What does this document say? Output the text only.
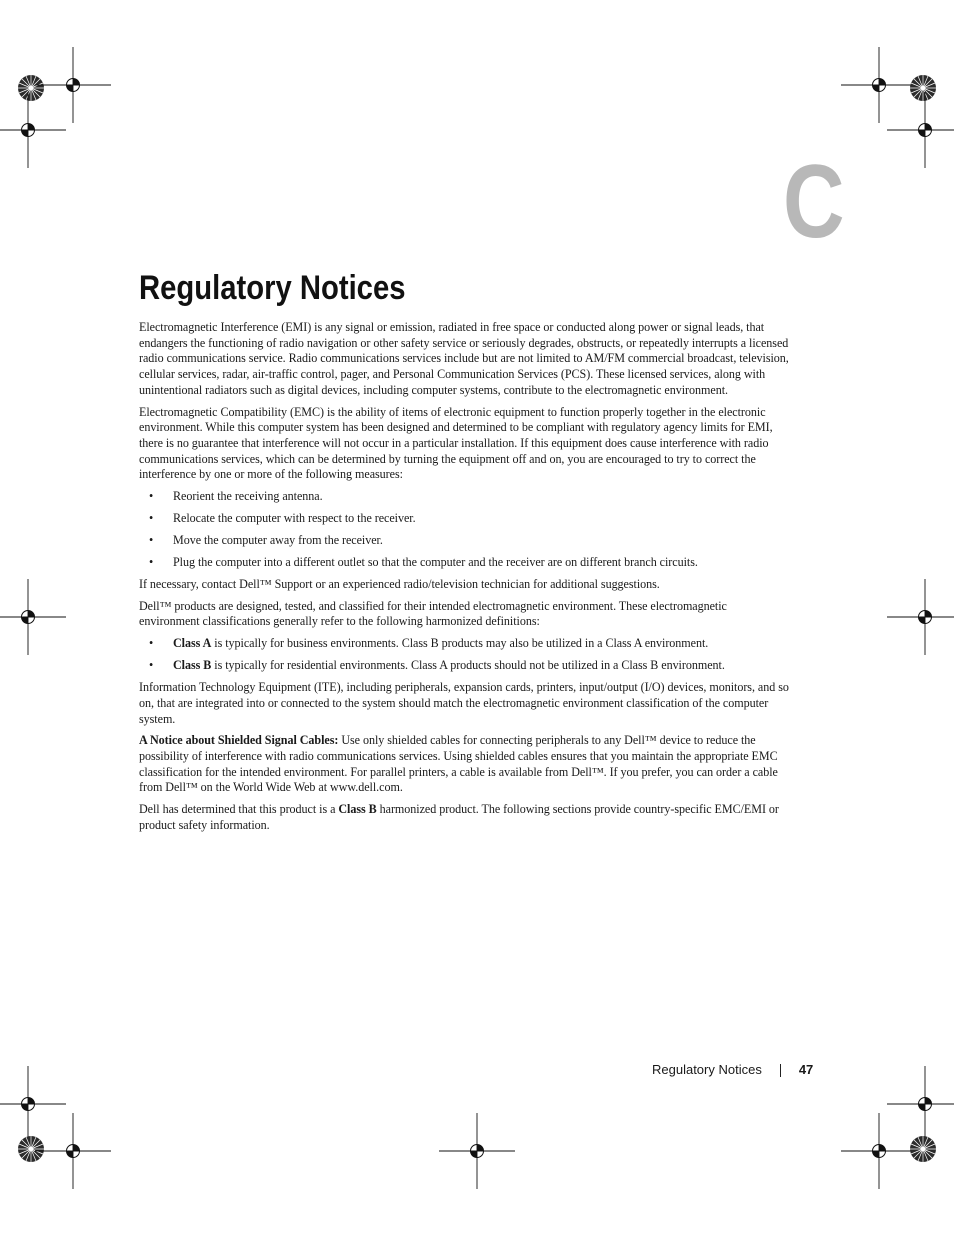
C
Regulatory Notices

Electromagnetic Interference (EMI) is any signal or emission, radiated in free space or conducted along power or signal leads, that endangers the functioning of radio navigation or other safety service or seriously degrades, obstructs, or repeatedly interrupts a licensed radio communications service. Radio communications services include but are not limited to AM/FM commercial broadcast, television, cellular services, radar, air-traffic control, pager, and Personal Communication Services (PCS). These licensed services, along with unintentional radiators such as digital devices, including computer systems, contribute to the electromagnetic environment.

Electromagnetic Compatibility (EMC) is the ability of items of electronic equipment to function properly together in the electronic environment. While this computer system has been designed and determined to be compliant with regulatory agency limits for EMI, there is no guarantee that interference will not occur in a particular installation. If this equipment does cause interference with radio communications services, which can be determined by turning the equipment off and on, you are encouraged to try to correct the interference by one or more of the following measures:

• Reorient the receiving antenna.
• Relocate the computer with respect to the receiver.
• Move the computer away from the receiver.
• Plug the computer into a different outlet so that the computer and the receiver are on different branch circuits.

If necessary, contact Dell™ Support or an experienced radio/television technician for additional suggestions.

Dell™ products are designed, tested, and classified for their intended electromagnetic environment. These electromagnetic environment classifications generally refer to the following harmonized definitions:

• Class A is typically for business environments. Class B products may also be utilized in a Class A environment.
• Class B is typically for residential environments. Class A products should not be utilized in a Class B environment.

Information Technology Equipment (ITE), including peripherals, expansion cards, printers, input/output (I/O) devices, monitors, and so on, that are integrated into or connected to the system should match the electromagnetic environment classification of the computer system.

A Notice about Shielded Signal Cables: Use only shielded cables for connecting peripherals to any Dell™ device to reduce the possibility of interference with radio communications services. Using shielded cables ensures that you maintain the appropriate EMC classification for the intended environment. For parallel printers, a cable is available from Dell™. If you prefer, you can order a cable from Dell™ on the World Wide Web at www.dell.com.

Dell has determined that this product is a Class B harmonized product. The following sections provide country-specific EMC/EMI or product safety information.

Regulatory Notices	47
